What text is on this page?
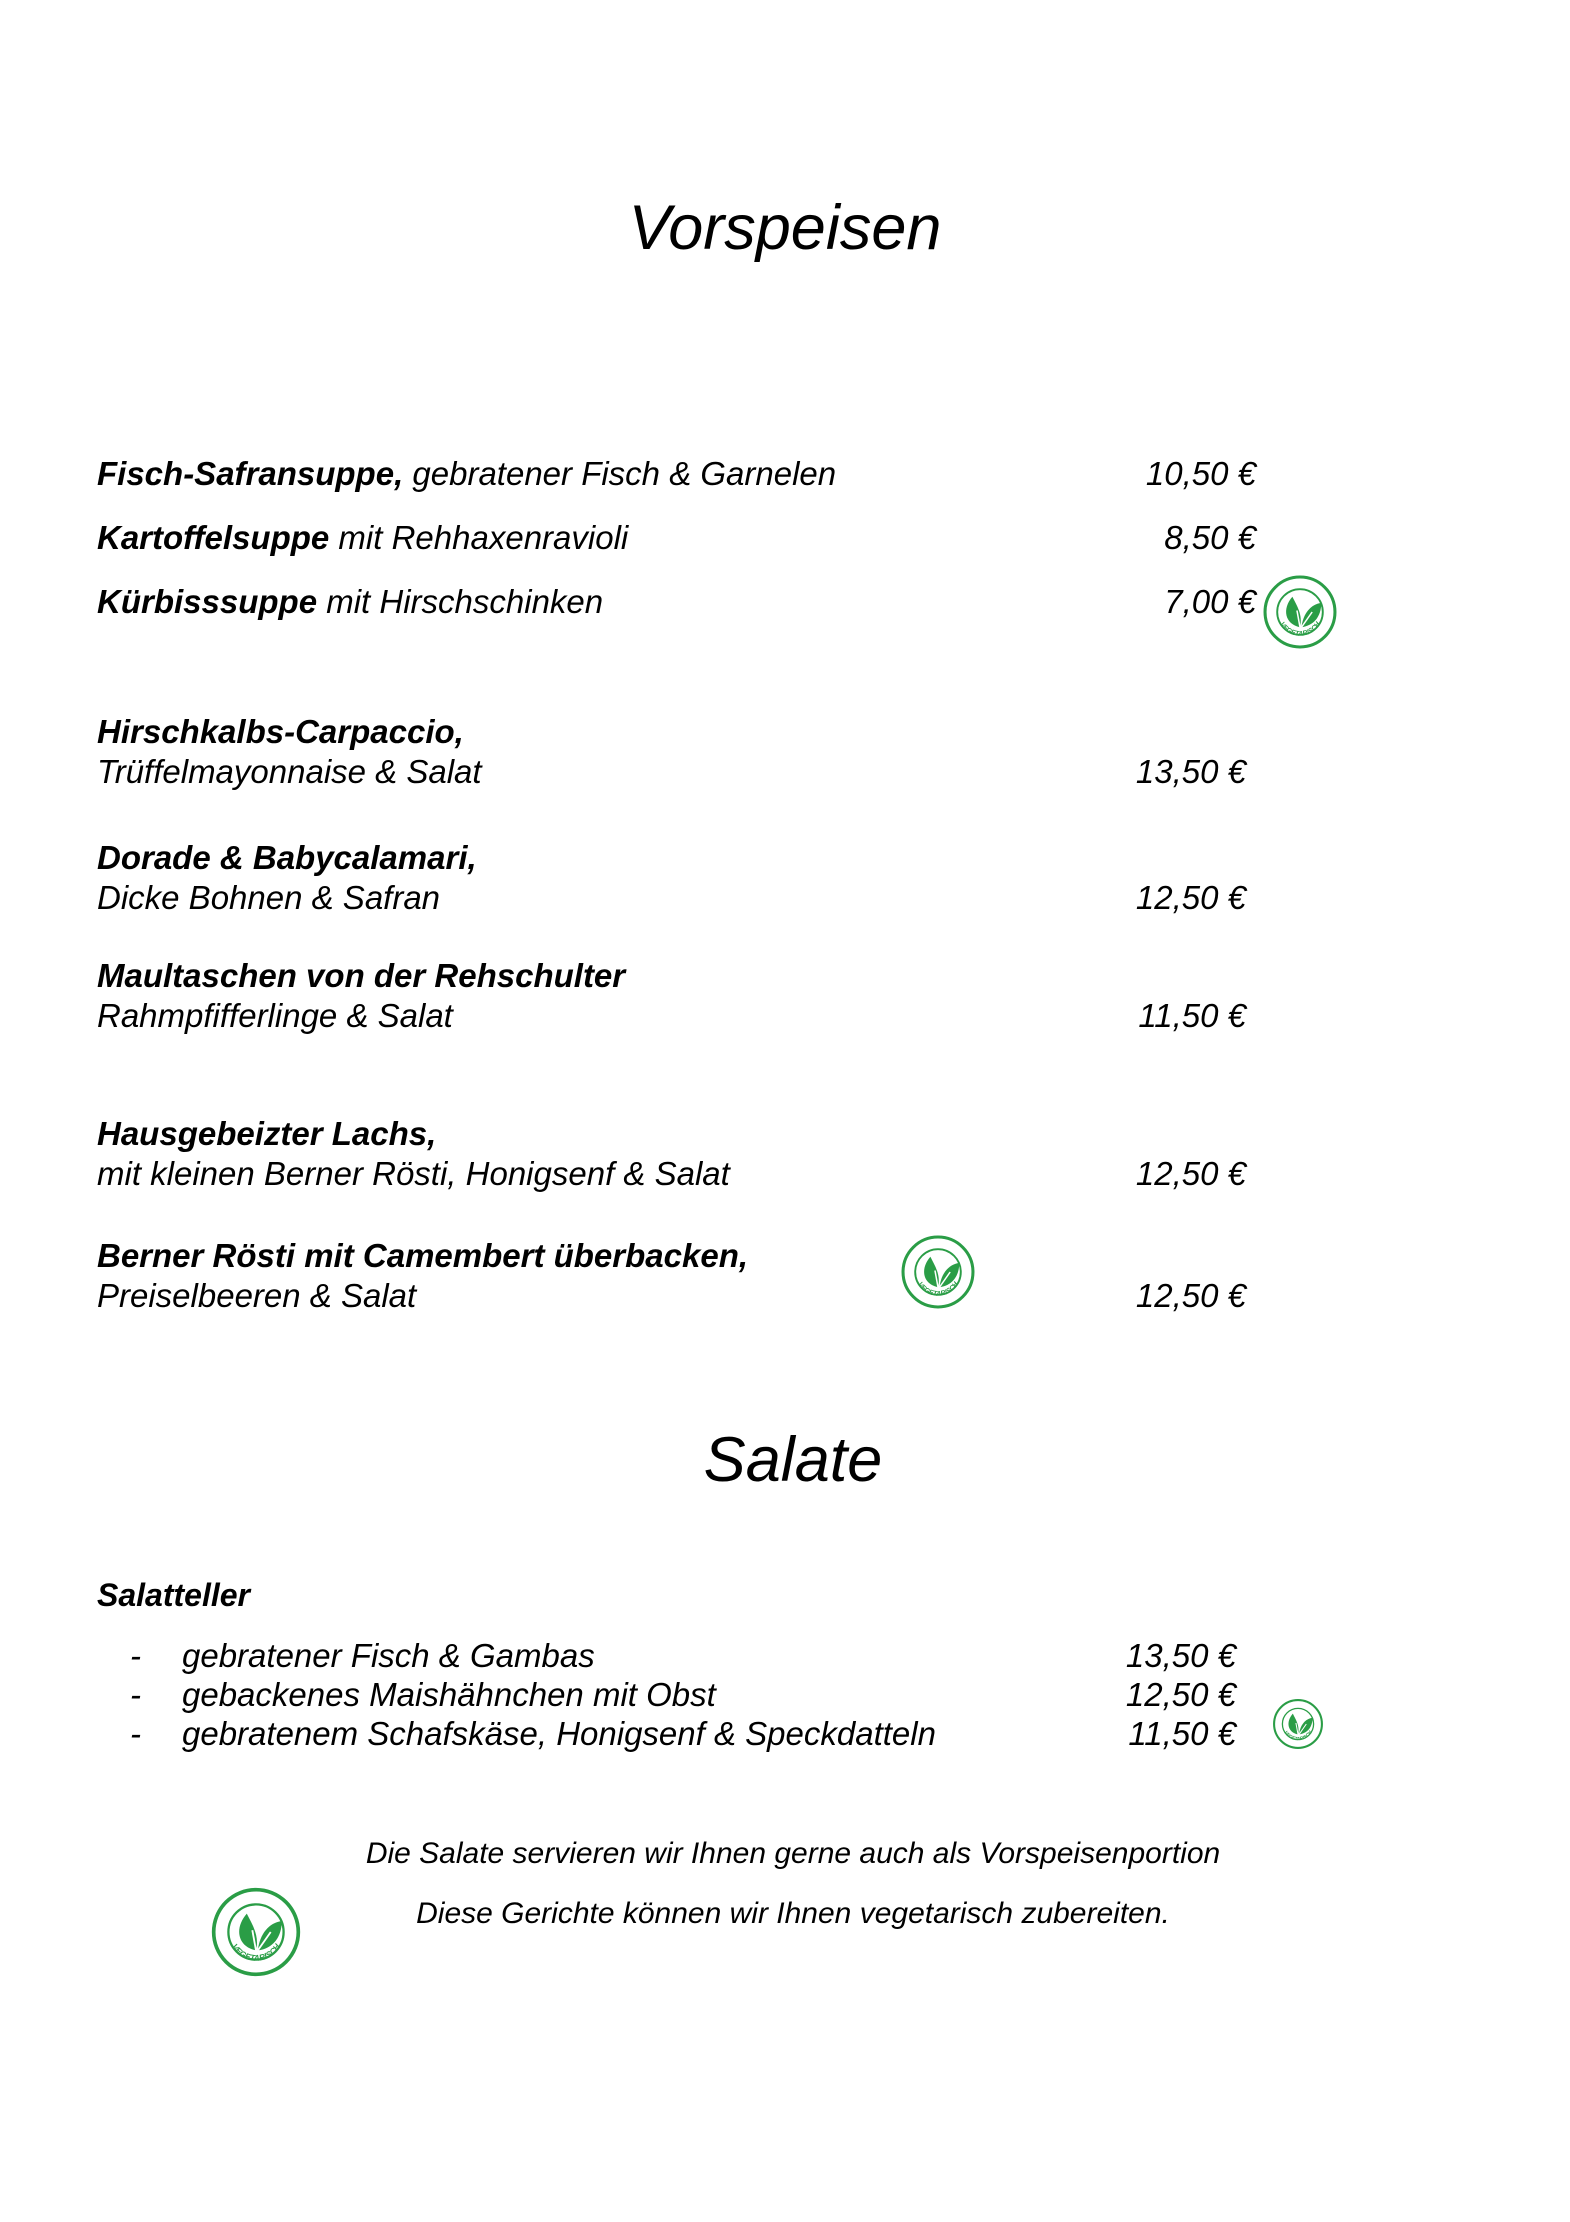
Vorspeisen
Fisch-Safransuppe, gebratener Fisch & Garnelen	10,50 €
Kartoffelsuppe mit Rehhaxenravioli	8,50 €
Kürbisssuppe mit Hirschschinken	7,00 €
VEGETARISCH
Hirschkalbs-Carpaccio,
Trüffelmayonnaise & Salat	13,50 €
Dorade & Babycalamari,
Dicke Bohnen & Safran	12,50 €
Maultaschen von der Rehschulter
Rahmpfifferlinge & Salat	11,50 €
Hausgebeizter Lachs,
mit kleinen Berner Rösti, Honigsenf & Salat	12,50 €
Berner Rösti mit Camembert überbacken,
Preiselbeeren & Salat	12,50 €
VEGETARISCH
Salate
Salatteller
- gebratener Fisch & Gambas	13,50 €
- gebackenes Maishähnchen mit Obst	12,50 €
- gebratenem Schafskäse, Honigsenf & Speckdatteln	11,50 €	VEGETARISCH
Die Salate servieren wir Ihnen gerne auch als Vorspeisenportion
VEGETARISCH
Diese Gerichte können wir Ihnen vegetarisch zubereiten.
